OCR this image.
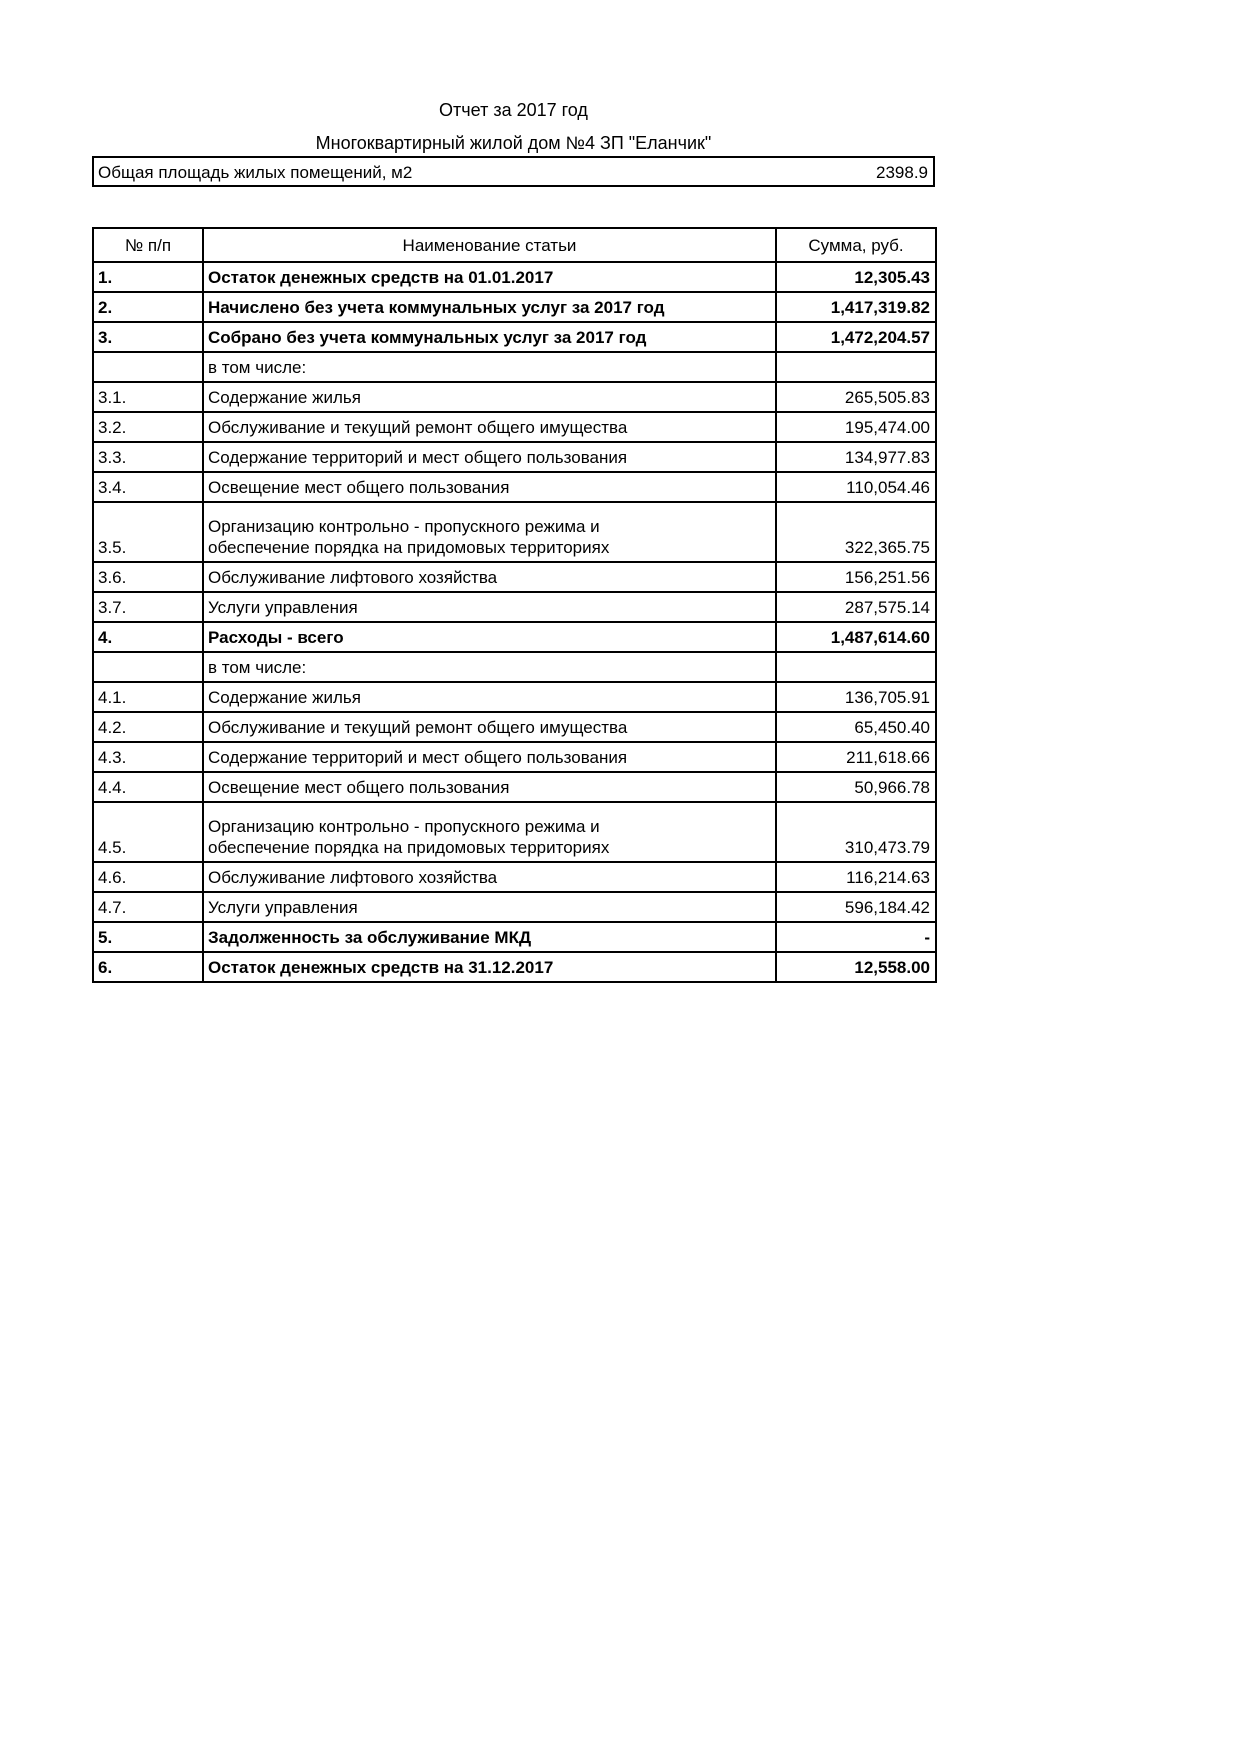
Отчет за 2017 год
Многоквартирный жилой дом №4 ЗП "Еланчик"
Общая площадь жилых помещений, м2	2398.9
№ п/п	Наименование статьи	Сумма, руб.
1.	Остаток денежных средств на 01.01.2017	12,305.43
2.	Начислено без учета коммунальных услуг за 2017 год	1,417,319.82
3.	Собрано без учета коммунальных услуг за 2017 год	1,472,204.57
	в том числе:	
3.1.	Содержание жилья	265,505.83
3.2.	Обслуживание и текущий ремонт общего имущества	195,474.00
3.3.	Содержание территорий и мест общего пользования	134,977.83
3.4.	Освещение мест общего пользования	110,054.46
3.5.	Организацию контрольно - пропускного режима и обеспечение порядка на придомовых территориях	322,365.75
3.6.	Обслуживание лифтового хозяйства	156,251.56
3.7.	Услуги управления	287,575.14
4.	Расходы - всего	1,487,614.60
	в том числе:	
4.1.	Содержание жилья	136,705.91
4.2.	Обслуживание и текущий ремонт общего имущества	65,450.40
4.3.	Содержание территорий и мест общего пользования	211,618.66
4.4.	Освещение мест общего пользования	50,966.78
4.5.	Организацию контрольно - пропускного режима и обеспечение порядка на придомовых территориях	310,473.79
4.6.	Обслуживание лифтового хозяйства	116,214.63
4.7.	Услуги управления	596,184.42
5.	Задолженность за обслуживание МКД	-
6.	Остаток денежных средств на 31.12.2017	12,558.00
